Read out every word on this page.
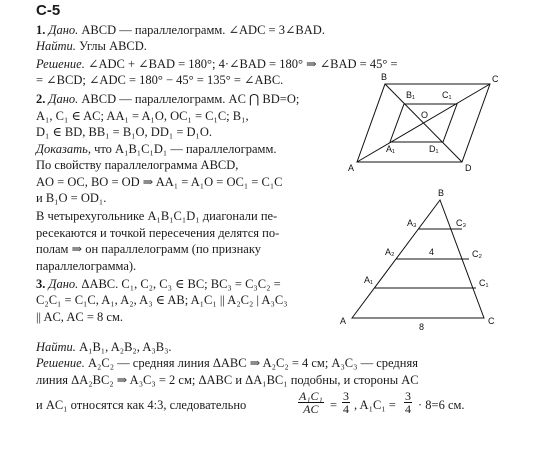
С-5
1. Дано. ABCD — параллелограмм. ∠ADC = 3∠BAD.
Найти. Углы ABCD.
Решение. ∠ADC + ∠BAD = 180°; 4·∠BAD = 180° ⇒ ∠BAD = 45° =
= ∠BCD; ∠ADC = 180° − 45° = 135° = ∠ABC.
2. Дано. ABCD — параллелограмм. AC ⋂ BD=O;
A₁, C₁ ∈ AC; AA₁ = A₁O, OC₁ = C₁C; B₁,
D₁ ∈ BD, BB₁ = B₁O, DD₁ = D₁O.
Доказать, что A₁B₁C₁D₁ — параллелограмм.
По свойству параллелограмма ABCD,
AO = OC, BO = OD ⇒ AA₁ = A₁O = OC₁ = C₁C
и B₁O = OD₁.
В четырехугольнике A₁B₁C₁D₁ диагонали пе-
ресекаются и точкой пересечения делятся по-
полам ⇒ он параллелограмм (по признаку
параллелограмма).
3. Дано. ΔABC. C₁, C₂, C₃ ∈ BC; BC₃ = C₃C₂ =
C₂C₁ = C₁C, A₁, A₂, A₃ ∈ AB; A₁C₁ || A₂C₂ | A₃C₃
|| AC, AC = 8 см.
Найти. A₁B₁, A₂B₂, A₃B₃.
Решение. A₂C₂ — средняя линия ΔABC ⇒ A₂C₂ = 4 см; A₃C₃ — средняя
линия ΔA₂BC₂ ⇒ A₃C₃ = 2 см; ΔABC и ΔA₁BC₁ подобны, и стороны AC
и AC₁ относятся как 4:3, следовательно	$\frac{\text{A₁C₁}}{AC} = \frac{3}{4}$ , $A_1C_1 = \frac{3}{4} \cdot 8=6$ см.
A
B	C
D
O
A₁
B₁	C₁
D₁
A
B
C
A₁
A₂
A₃
C₁
C₂
C₃
4
8
